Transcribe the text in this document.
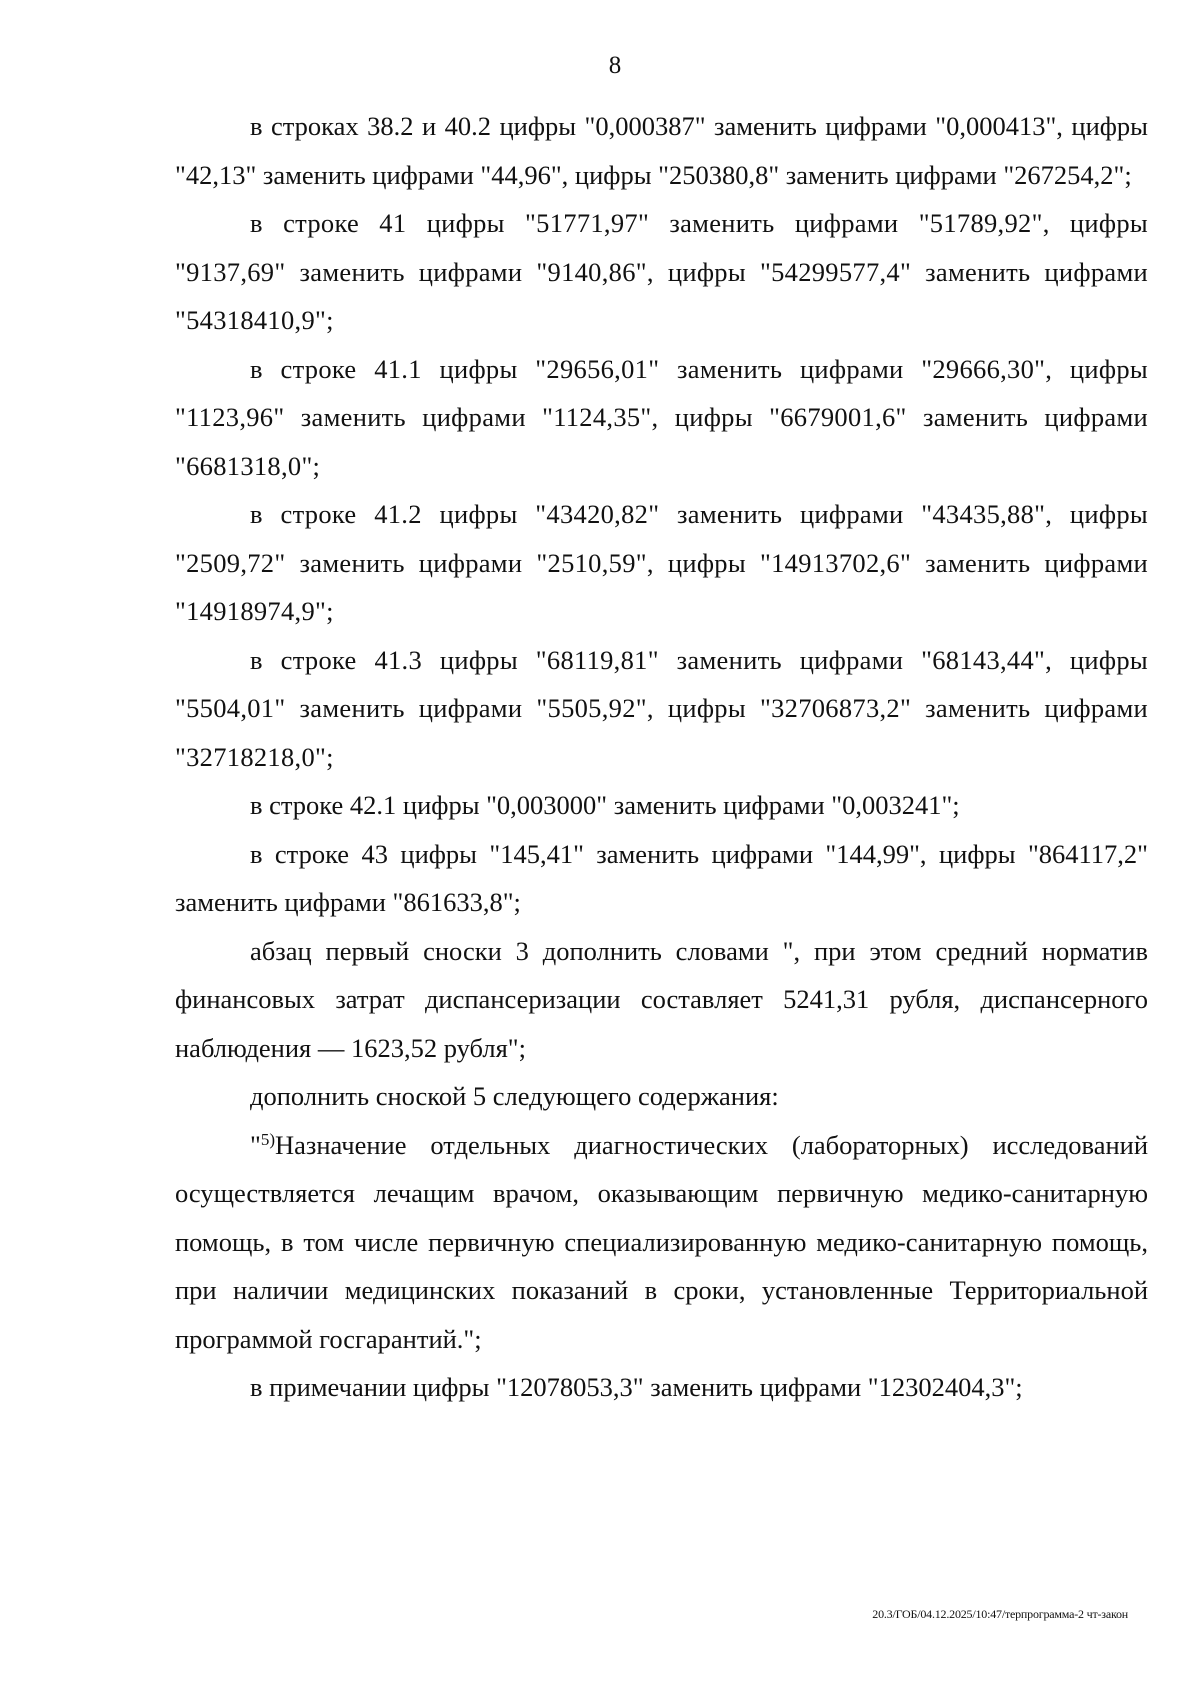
8

в строках 38.2 и 40.2 цифры "0,000387" заменить цифрами "0,000413", цифры "42,13" заменить цифрами "44,96", цифры "250380,8" заменить цифрами "267254,2";

в строке 41 цифры "51771,97" заменить цифрами "51789,92", цифры "9137,69" заменить цифрами "9140,86", цифры "54299577,4" заменить цифрами "54318410,9";

в строке 41.1 цифры "29656,01" заменить цифрами "29666,30", цифры "1123,96" заменить цифрами "1124,35", цифры "6679001,6" заменить цифрами "6681318,0";

в строке 41.2 цифры "43420,82" заменить цифрами "43435,88", цифры "2509,72" заменить цифрами "2510,59", цифры "14913702,6" заменить цифрами "14918974,9";

в строке 41.3 цифры "68119,81" заменить цифрами "68143,44", цифры "5504,01" заменить цифрами "5505,92", цифры "32706873,2" заменить цифрами "32718218,0";

в строке 42.1 цифры "0,003000" заменить цифрами "0,003241";

в строке 43 цифры "145,41" заменить цифрами "144,99", цифры "864117,2" заменить цифрами "861633,8";

абзац первый сноски 3 дополнить словами ", при этом средний норматив финансовых затрат диспансеризации составляет 5241,31 рубля, диспансерного наблюдения — 1623,52 рубля";

дополнить сноской 5 следующего содержания:

"$^{5)}$Назначение отдельных диагностических (лабораторных) исследований осуществляется лечащим врачом, оказывающим первичную медико-санитарную помощь, в том числе первичную специализированную медико-санитарную помощь, при наличии медицинских показаний в сроки, установленные Территориальной программой госгарантий.";

в примечании цифры "12078053,3" заменить цифрами "12302404,3";

20.3/ГОБ/04.12.2025/10:47/терпрограмма-2 чт-закон
